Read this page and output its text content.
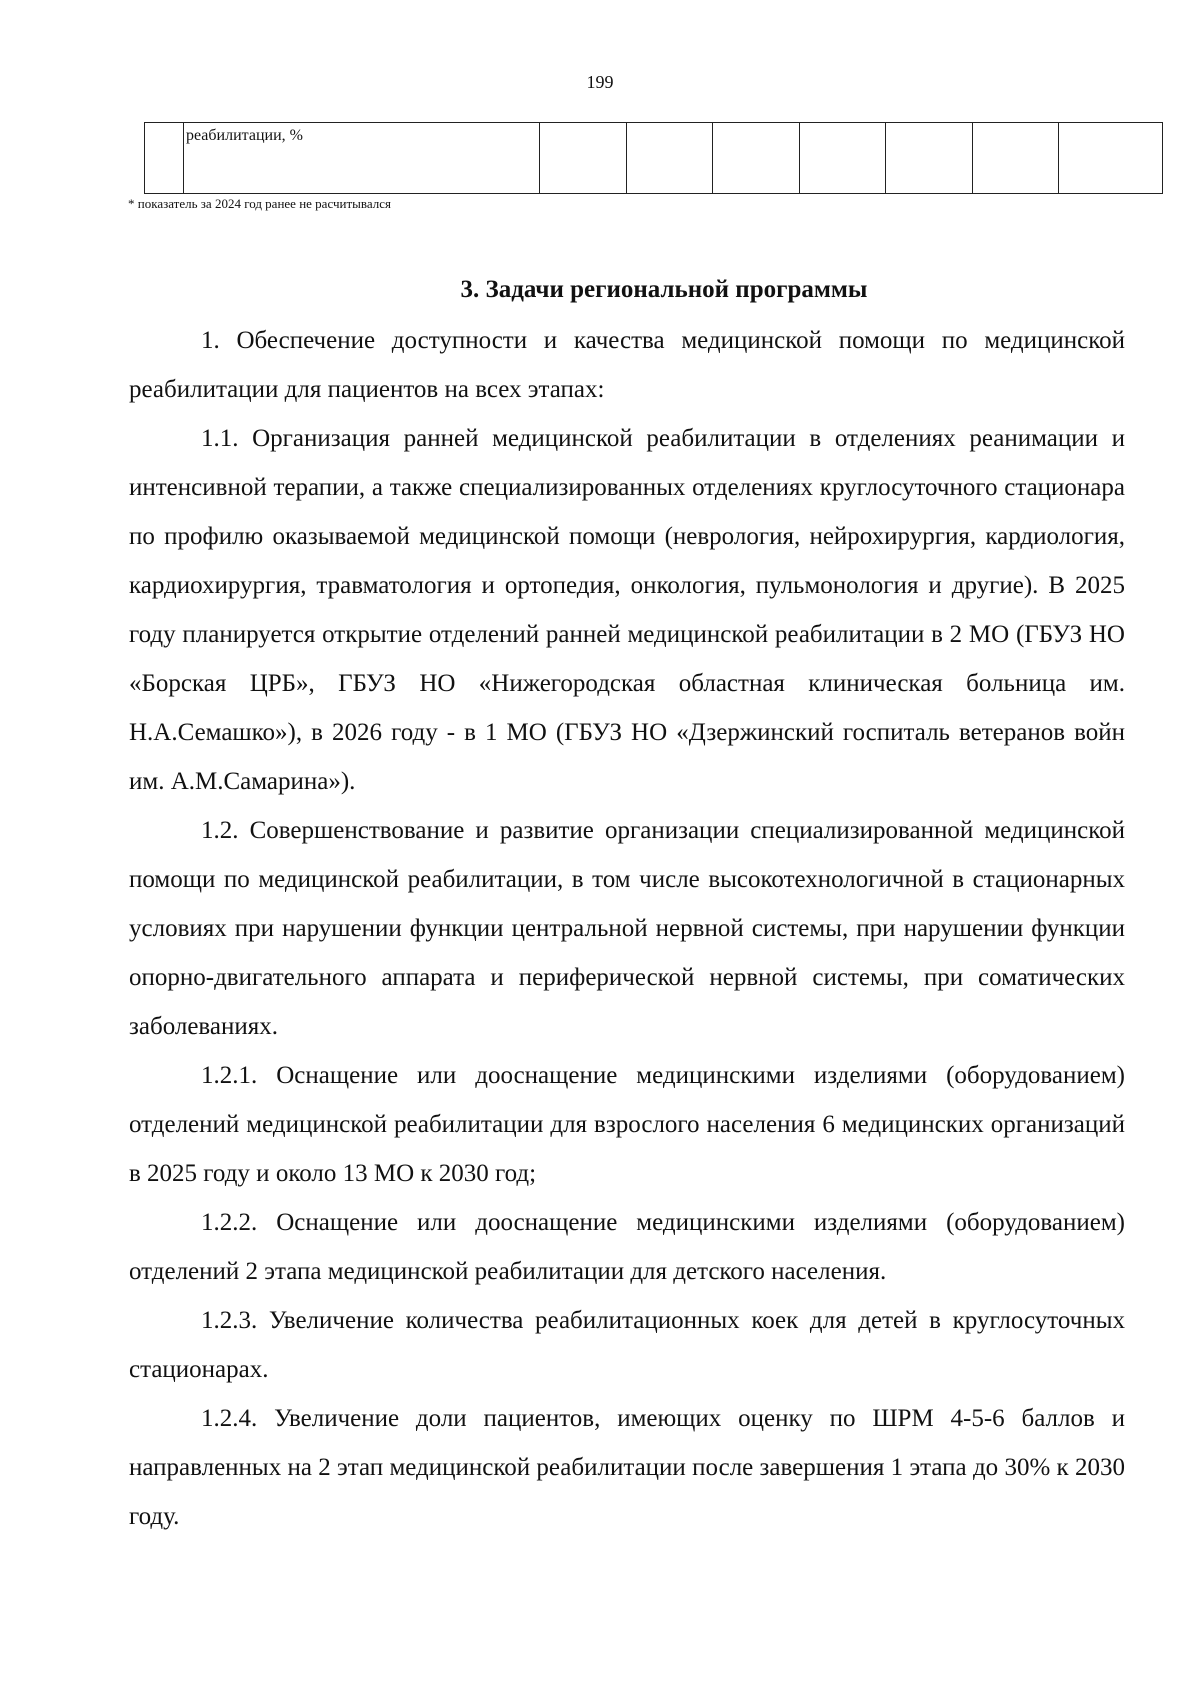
199
	реабилитации, %							
* показатель за 2024 год ранее не расчитывался
3. Задачи региональной программы

1. Обеспечение доступности и качества медицинской помощи по медицинской реабилитации для пациентов на всех этапах:

1.1. Организация ранней медицинской реабилитации в отделениях реанимации и интенсивной терапии, а также специализированных отделениях круглосуточного стационара по профилю оказываемой медицинской помощи (неврология, нейрохирургия, кардиология, кардиохирургия, травматология и ортопедия, онкология, пульмонология и другие). В 2025 году планируется открытие отделений ранней медицинской реабилитации в 2 МО (ГБУЗ НО «Борская ЦРБ», ГБУЗ НО «Нижегородская областная клиническая больница им. Н.А.Семашко»), в 2026 году - в 1 МО (ГБУЗ НО «Дзержинский госпиталь ветеранов войн им. А.М.Самарина»).

1.2. Совершенствование и развитие организации специализированной медицинской помощи по медицинской реабилитации, в том числе высокотехнологичной в стационарных условиях при нарушении функции центральной нервной системы, при нарушении функции опорно-двигательного аппарата и периферической нервной системы, при соматических заболеваниях.

1.2.1. Оснащение или дооснащение медицинскими изделиями (оборудованием) отделений медицинской реабилитации для взрослого населения 6 медицинских организаций в 2025 году и около 13 МО к 2030 год;

1.2.2. Оснащение или дооснащение медицинскими изделиями (оборудованием) отделений 2 этапа медицинской реабилитации для детского населения.

1.2.3. Увеличение количества реабилитационных коек для детей в круглосуточных стационарах.

1.2.4. Увеличение доли пациентов, имеющих оценку по ШРМ 4-5-6 баллов и направленных на 2 этап медицинской реабилитации после завершения 1 этапа до 30% к 2030 году.
